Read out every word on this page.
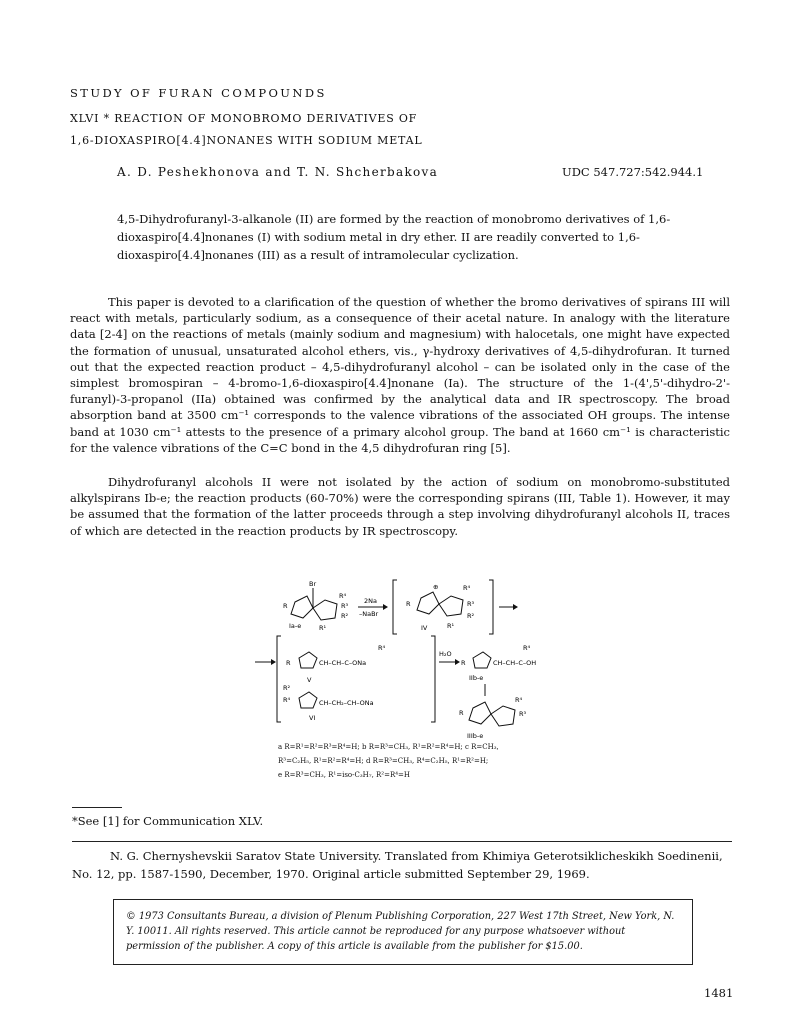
STUDY OF FURAN COMPOUNDS
XLVI * REACTION OF MONOBROMO DERIVATIVES OF
1,6-DIOXASPIRO[4.4]NONANES WITH SODIUM METAL
A. D. Peshekhonova and T. N. Shcherbakova	UDC 547.727:542.944.1

4,5-Dihydrofuranyl-3-alkanole (II) are formed by the reaction of monobromo derivatives of 1,6-dioxaspiro[4.4]nonanes (I) with sodium metal in dry ether. II are readily converted to 1,6-dioxaspiro[4.4]nonanes (III) as a result of intramolecular cyclization.

This paper is devoted to a clarification of the question of whether the bromo derivatives of spirans III will react with metals, particularly sodium, as a consequence of their acetal nature. In analogy with the literature data [2-4] on the reactions of metals (mainly sodium and magnesium) with halocetals, one might have expected the formation of unusual, unsaturated alcohol ethers, vis., γ-hydroxy derivatives of 4,5-dihydrofuran. It turned out that the expected reaction product – 4,5-dihydrofuranyl alcohol – can be isolated only in the case of the simplest bromospiran – 4-bromo-1,6-dioxaspiro[4.4]nonane (Ia). The structure of the 1-(4',5'-dihydro-2'-furanyl)-3-propanol (IIa) obtained was confirmed by the analytical data and IR spectroscopy. The broad absorption band at 3500 cm⁻¹ corresponds to the valence vibrations of the associated OH groups. The intense band at 1030 cm⁻¹ attests to the presence of a primary alcohol group. The band at 1660 cm⁻¹ is characteristic for the valence vibrations of the C=C bond in the 4,5 dihydrofuran ring [5].

Dihydrofuranyl alcohols II were not isolated by the action of sodium on monobromo-substituted alkylspirans Ib-e; the reaction products (60-70%) were the corresponding spirans (III, Table 1). However, it may be assumed that the formation of the latter proceeds through a step involving dihydrofuranyl alcohols II, traces of which are detected in the reaction products by IR spectroscopy.

R
Br
R⁴
R³
R²
R¹
Ia-e
2Na
–NaBr
R
⊕	R⁴
R³
R²
R¹
IV
R	CH–CH–C–ONa
R⁴
V
R²
R⁴	CH–CH₂–CH–ONa
VI
H₂O
R	CH–CH–C–OH
R⁴
IIb-e
R
R⁴
R³
IIIb-e
a R=R¹=R²=R³=R⁴=H; b R=R³=CH₃, R¹=R²=R⁴=H; c R=CH₃,
R³=C₂H₅, R¹=R²=R⁴=H; d R=R³=CH₃, R⁴=C₂H₅, R¹=R²=H;
e R=R³=CH₃, R¹=iso-C₃H₇, R²=R⁴=H
*See [1] for Communication XLV.

N. G. Chernyshevskii Saratov State University. Translated from Khimiya Geterotsiklicheskikh Soedinenii, No. 12, pp. 1587-1590, December, 1970. Original article submitted September 29, 1969.

© 1973 Consultants Bureau, a division of Plenum Publishing Corporation, 227 West 17th Street, New York, N. Y. 10011. All rights reserved. This article cannot be reproduced for any purpose whatsoever without permission of the publisher. A copy of this article is available from the publisher for $15.00.
1481
